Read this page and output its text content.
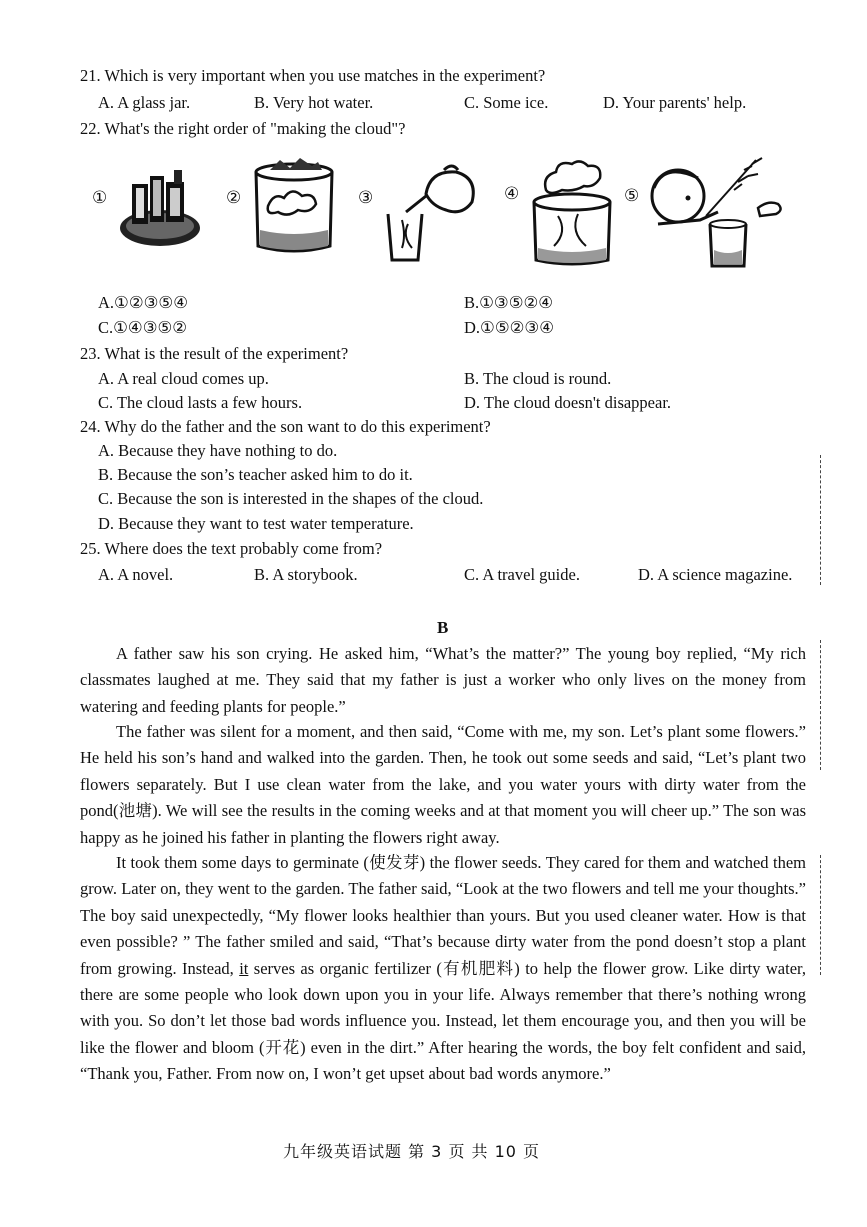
21. Which is very important when you use matches in the experiment?
A. A glass jar.	B. Very hot water.	C. Some ice.	D. Your parents' help.
22. What's the right order of "making the cloud"?
①	②	③	④	⑤
A.①②③⑤④	B.①③⑤②④
C.①④③⑤②	D.①⑤②③④
23. What is the result of the experiment?
A. A real cloud comes up.	B. The cloud is round.
C. The cloud lasts a few hours.	D. The cloud doesn't disappear.
24. Why do the father and the son want to do this experiment?
A. Because they have nothing to do.
B. Because the son’s teacher asked him to do it.
C. Because the son is interested in the shapes of the cloud.
D. Because they want to test water temperature.
25. Where does the text probably come from?
A. A novel.	B. A storybook.	C. A travel guide.	D. A science magazine.
B
A father saw his son crying. He asked him, “What’s the matter?” The young boy replied, “My rich classmates laughed at me. They said that my father is just a worker who only lives on the money from watering and feeding plants for people.”
The father was silent for a moment, and then said, “Come with me, my son. Let’s plant some flowers.” He held his son’s hand and walked into the garden. Then, he took out some seeds and said, “Let’s plant two flowers separately. But I use clean water from the lake, and you water yours with dirty water from the pond(池塘). We will see the results in the coming weeks and at that moment you will cheer up.” The son was happy as he joined his father in planting the flowers right away.
It took them some days to germinate (使发芽) the flower seeds. They cared for them and watched them grow. Later on, they went to the garden. The father said, “Look at the two flowers and tell me your thoughts.” The boy said unexpectedly, “My flower looks healthier than yours. But you used cleaner water. How is that even possible? ” The father smiled and said, “That’s because dirty water from the pond doesn’t stop a plant from growing. Instead, it serves as organic fertilizer (有机肥料) to help the flower grow. Like dirty water, there are some people who look down upon you in your life. Always remember that there’s nothing wrong with you. So don’t let those bad words influence you. Instead, let them encourage you, and then you will be like the flower and bloom (开花) even in the dirt.” After hearing the words, the boy felt confident and said, “Thank you, Father. From now on, I won’t get upset about bad words anymore.”
九年级英语试题 第 3 页 共 10 页
